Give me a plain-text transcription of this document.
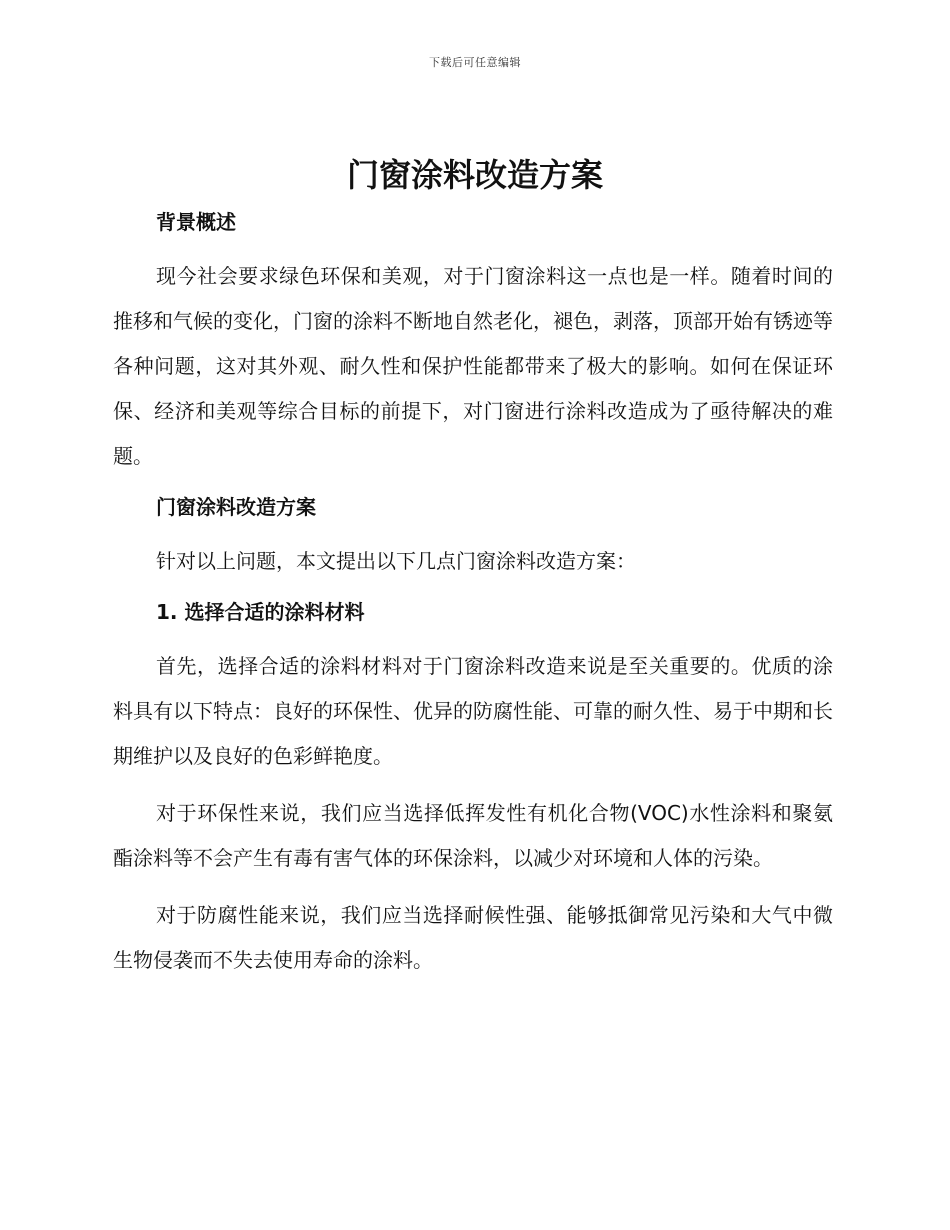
下载后可任意编辑
门窗涂料改造方案
背景概述

现今社会要求绿色环保和美观，对于门窗涂料这一点也是一样。随着时间的推移和气候的变化，门窗的涂料不断地自然老化，褪色，剥落，顶部开始有锈迹等各种问题，这对其外观、耐久性和保护性能都带来了极大的影响。如何在保证环保、经济和美观等综合目标的前提下，对门窗进行涂料改造成为了亟待解决的难题。

门窗涂料改造方案

针对以上问题，本文提出以下几点门窗涂料改造方案：

1. 选择合适的涂料材料

首先，选择合适的涂料材料对于门窗涂料改造来说是至关重要的。优质的涂料具有以下特点：良好的环保性、优异的防腐性能、可靠的耐久性、易于中期和长期维护以及良好的色彩鲜艳度。

对于环保性来说，我们应当选择低挥发性有机化合物(VOC)水性涂料和聚氨酯涂料等不会产生有毒有害气体的环保涂料，以减少对环境和人体的污染。

对于防腐性能来说，我们应当选择耐候性强、能够抵御常见污染和大气中微生物侵袭而不失去使用寿命的涂料。
